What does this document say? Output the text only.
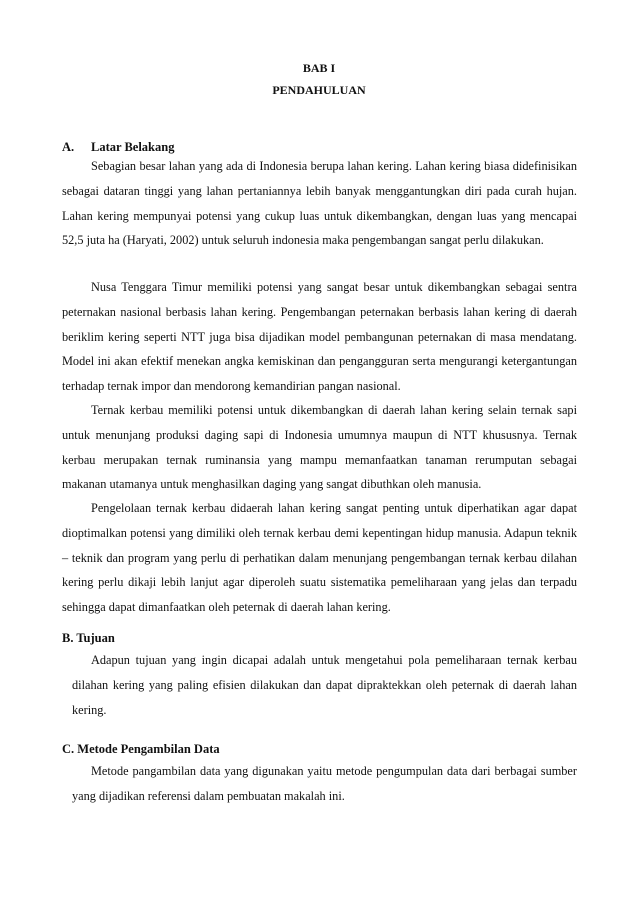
BAB I
PENDAHULUAN
A. Latar Belakang

Sebagian besar lahan yang ada di Indonesia berupa lahan kering. Lahan kering biasa didefinisikan sebagai dataran tinggi yang lahan pertaniannya lebih banyak menggantungkan diri pada curah hujan. Lahan kering mempunyai potensi yang cukup luas untuk dikembangkan, dengan luas yang mencapai 52,5 juta ha (Haryati, 2002) untuk seluruh indonesia maka pengembangan sangat perlu dilakukan.

Nusa Tenggara Timur memiliki potensi yang sangat besar untuk dikembangkan sebagai sentra peternakan nasional berbasis lahan kering. Pengembangan peternakan berbasis lahan kering di daerah beriklim kering seperti NTT juga bisa dijadikan model pembangunan peternakan di masa mendatang. Model ini akan efektif menekan angka kemiskinan dan pengangguran serta mengurangi ketergantungan terhadap ternak impor dan mendorong kemandirian pangan nasional.

Ternak kerbau memiliki potensi untuk dikembangkan di daerah lahan kering selain ternak sapi untuk menunjang produksi daging sapi di Indonesia umumnya maupun di NTT khususnya. Ternak kerbau merupakan ternak ruminansia yang mampu memanfaatkan tanaman rerumputan sebagai makanan utamanya untuk menghasilkan daging yang sangat dibuthkan oleh manusia.

Pengelolaan ternak kerbau didaerah lahan kering sangat penting untuk diperhatikan agar dapat dioptimalkan potensi yang dimiliki oleh ternak kerbau demi kepentingan hidup manusia. Adapun teknik – teknik dan program yang perlu di perhatikan dalam menunjang pengembangan ternak kerbau dilahan kering perlu dikaji lebih lanjut agar diperoleh suatu sistematika pemeliharaan yang jelas dan terpadu sehingga dapat dimanfaatkan oleh peternak di daerah lahan kering.

B. Tujuan

Adapun tujuan yang ingin dicapai adalah untuk mengetahui pola pemeliharaan ternak kerbau dilahan kering yang paling efisien dilakukan dan dapat dipraktekkan oleh peternak di daerah lahan kering.

C. Metode Pengambilan Data

Metode pangambilan data yang digunakan yaitu metode pengumpulan data dari berbagai sumber yang dijadikan referensi dalam pembuatan makalah ini.
